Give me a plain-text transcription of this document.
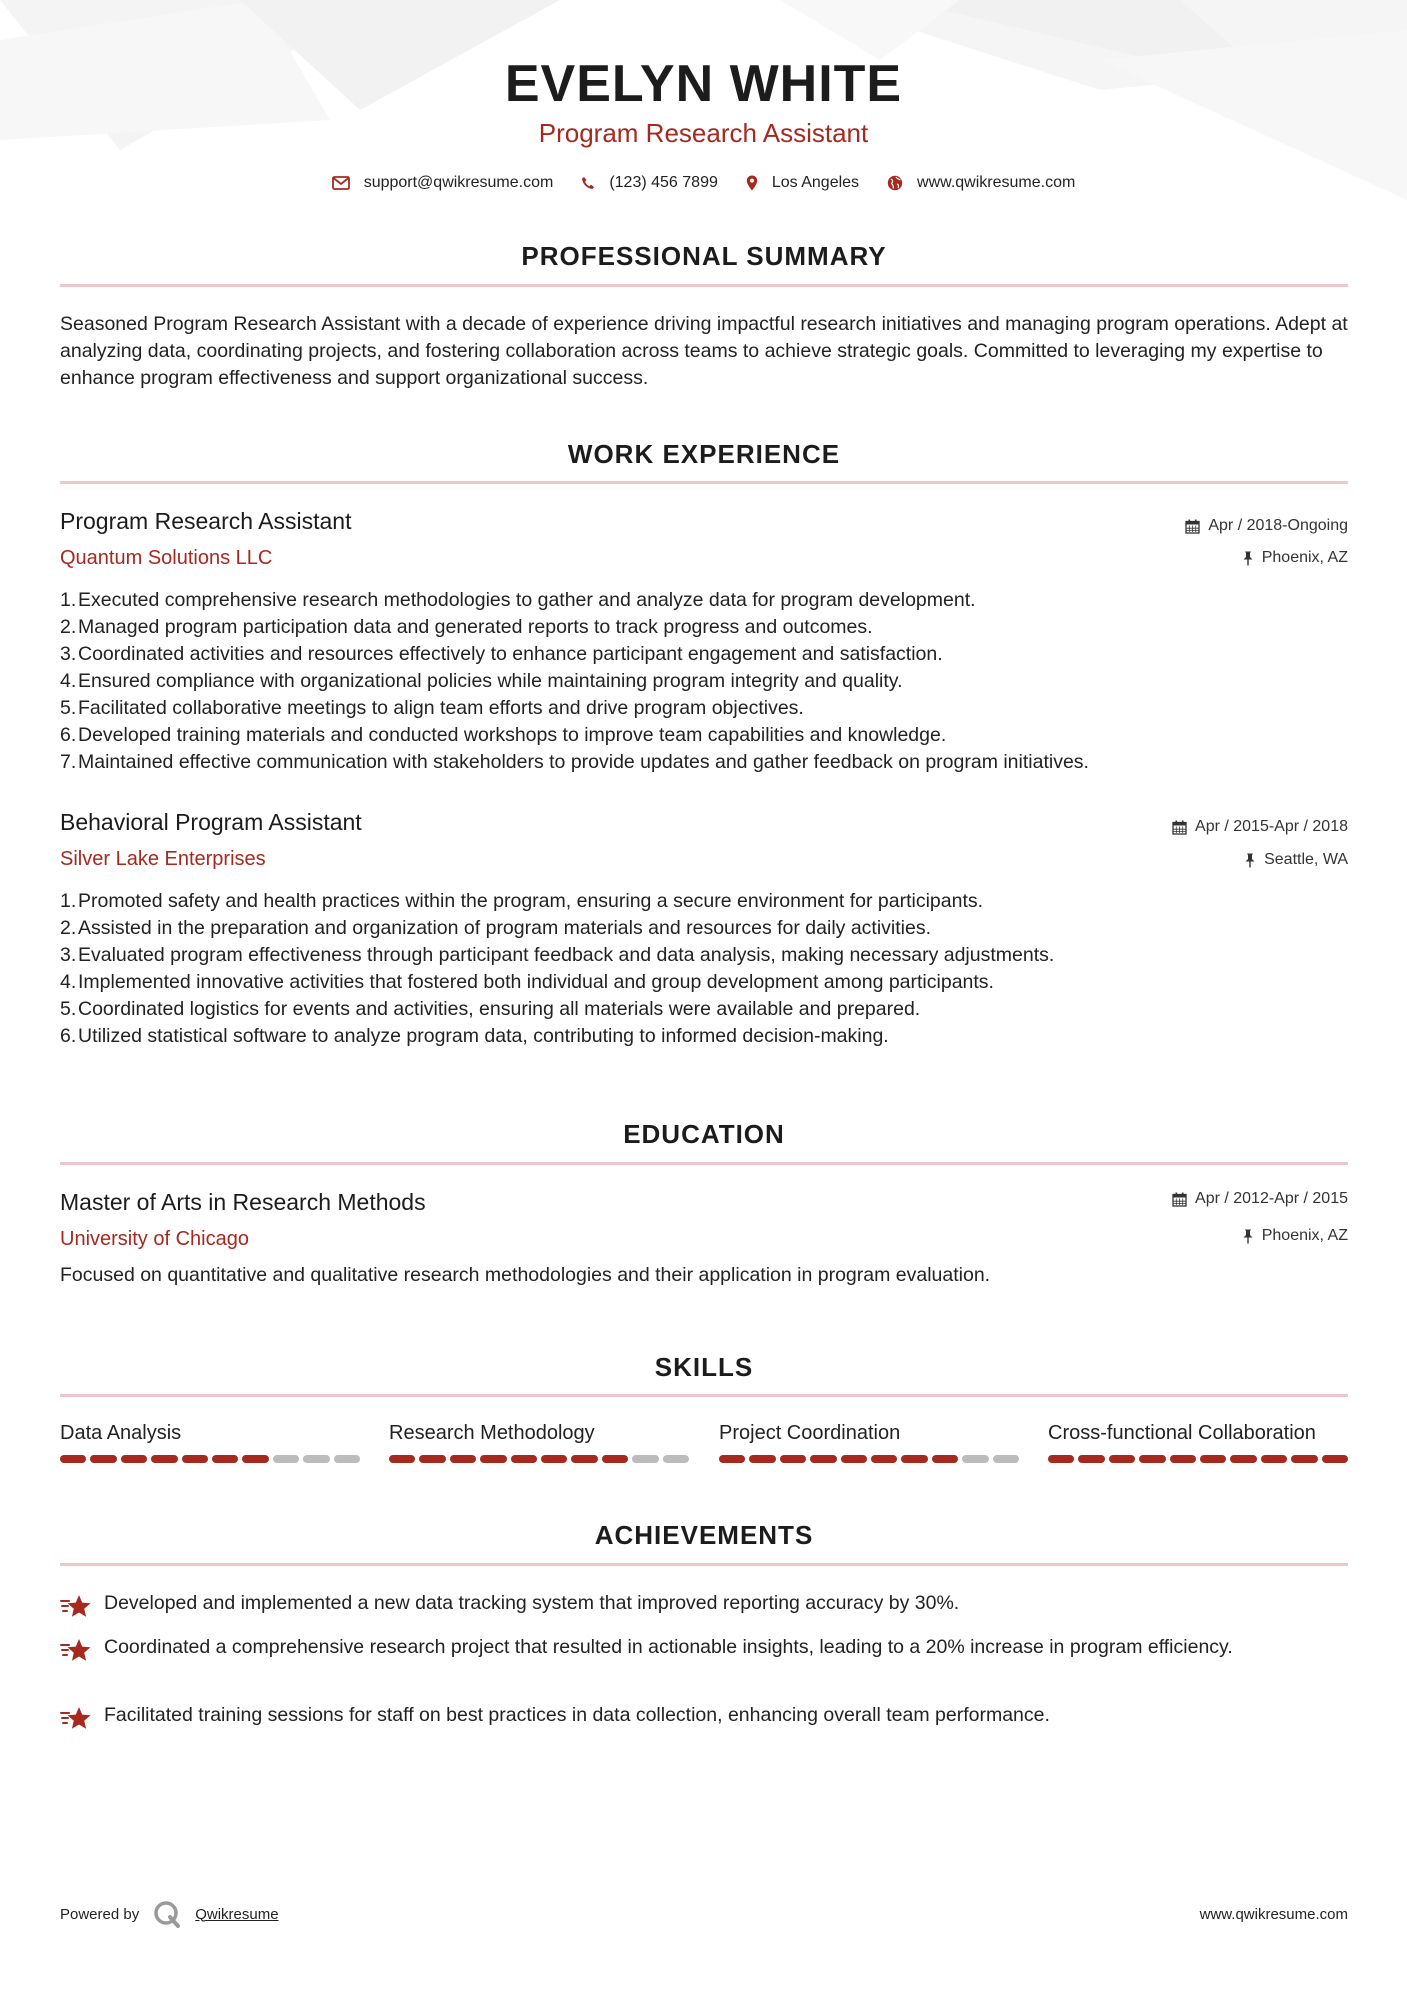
EVELYN WHITE
Program Research Assistant
support@qwikresume.com	(123) 456 7899	Los Angeles	www.qwikresume.com
PROFESSIONAL SUMMARY
Seasoned Program Research Assistant with a decade of experience driving impactful research initiatives and managing program operations. Adept at analyzing data, coordinating projects, and fostering collaboration across teams to achieve strategic goals. Committed to leveraging my expertise to enhance program effectiveness and support organizational success.
WORK EXPERIENCE
Program Research Assistant	Apr / 2018-Ongoing
Quantum Solutions LLC	Phoenix, AZ
1.Executed comprehensive research methodologies to gather and analyze data for program development.
2.Managed program participation data and generated reports to track progress and outcomes.
3.Coordinated activities and resources effectively to enhance participant engagement and satisfaction.
4.Ensured compliance with organizational policies while maintaining program integrity and quality.
5.Facilitated collaborative meetings to align team efforts and drive program objectives.
6.Developed training materials and conducted workshops to improve team capabilities and knowledge.
7.Maintained effective communication with stakeholders to provide updates and gather feedback on program initiatives.
Behavioral Program Assistant	Apr / 2015-Apr / 2018
Silver Lake Enterprises	Seattle, WA
1.Promoted safety and health practices within the program, ensuring a secure environment for participants.
2.Assisted in the preparation and organization of program materials and resources for daily activities.
3.Evaluated program effectiveness through participant feedback and data analysis, making necessary adjustments.
4.Implemented innovative activities that fostered both individual and group development among participants.
5.Coordinated logistics for events and activities, ensuring all materials were available and prepared.
6.Utilized statistical software to analyze program data, contributing to informed decision-making.
EDUCATION
Master of Arts in Research Methods	Apr / 2012-Apr / 2015
University of Chicago	Phoenix, AZ
Focused on quantitative and qualitative research methodologies and their application in program evaluation.
SKILLS
Data Analysis	Research Methodology	Project Coordination	Cross-functional Collaboration
ACHIEVEMENTS
Developed and implemented a new data tracking system that improved reporting accuracy by 30%.
Coordinated a comprehensive research project that resulted in actionable insights, leading to a 20% increase in program efficiency.
Facilitated training sessions for staff on best practices in data collection, enhancing overall team performance.
Powered by	Qwikresume	www.qwikresume.com
